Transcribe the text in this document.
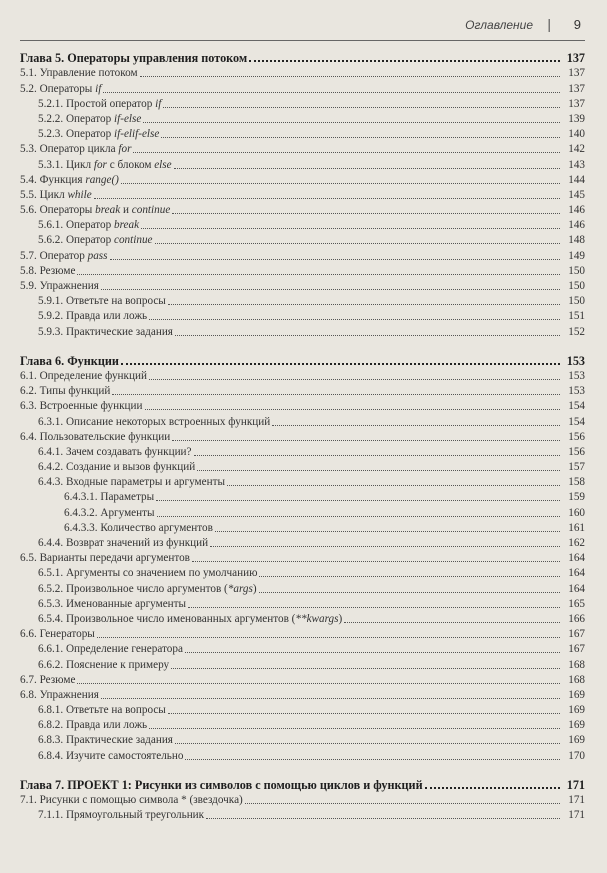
Оглавление | 9
Глава 5. Операторы управления потоком	137
5.1. Управление потоком	137
5.2. Операторы if	137
5.2.1. Простой оператор if	137
5.2.2. Оператор if-else	139
5.2.3. Оператор if-elif-else	140
5.3. Оператор цикла for	142
5.3.1. Цикл for с блоком else	143
5.4. Функция range()	144
5.5. Цикл while	145
5.6. Операторы break и continue	146
5.6.1. Оператор break	146
5.6.2. Оператор continue	148
5.7. Оператор pass	149
5.8. Резюме	150
5.9. Упражнения	150
5.9.1. Ответьте на вопросы	150
5.9.2. Правда или ложь	151
5.9.3. Практические задания	152
Глава 6. Функции	153
6.1. Определение функций	153
6.2. Типы функций	153
6.3. Встроенные функции	154
6.3.1. Описание некоторых встроенных функций	154
6.4. Пользовательские функции	156
6.4.1. Зачем создавать функции?	156
6.4.2. Создание и вызов функций	157
6.4.3. Входные параметры и аргументы	158
6.4.3.1. Параметры	159
6.4.3.2. Аргументы	160
6.4.3.3. Количество аргументов	161
6.4.4. Возврат значений из функций	162
6.5. Варианты передачи аргументов	164
6.5.1. Аргументы со значением по умолчанию	164
6.5.2. Произвольное число аргументов (*args)	164
6.5.3. Именованные аргументы	165
6.5.4. Произвольное число именованных аргументов (**kwargs)	166
6.6. Генераторы	167
6.6.1. Определение генератора	167
6.6.2. Пояснение к примеру	168
6.7. Резюме	168
6.8. Упражнения	169
6.8.1. Ответьте на вопросы	169
6.8.2. Правда или ложь	169
6.8.3. Практические задания	169
6.8.4. Изучите самостоятельно	170
Глава 7. ПРОЕКТ 1: Рисунки из символов с помощью циклов и функций	171
7.1. Рисунки с помощью символа * (звездочка)	171
7.1.1. Прямоугольный треугольник	171
